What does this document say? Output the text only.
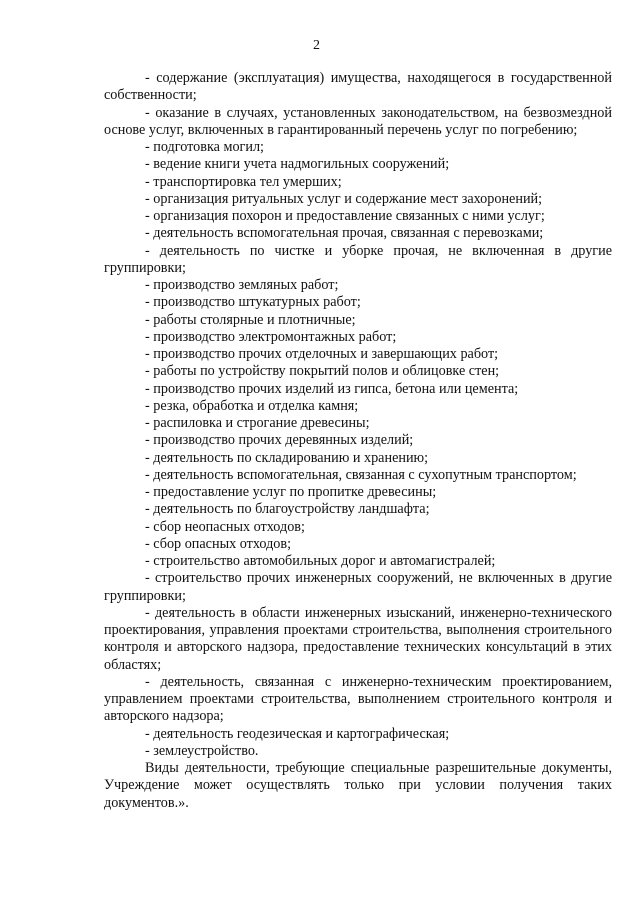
2

- содержание (эксплуатация) имущества, находящегося в государственной собственности;

- оказание в случаях, установленных законодательством, на безвозмездной основе услуг, включенных в гарантированный перечень услуг по погребению;

- подготовка могил;

- ведение книги учета надмогильных сооружений;

- транспортировка тел умерших;

- организация ритуальных услуг и содержание мест захоронений;

- организация похорон и предоставление связанных с ними услуг;

- деятельность вспомогательная прочая, связанная с перевозками;

- деятельность по чистке и уборке прочая, не включенная в другие группировки;

- производство земляных работ;

- производство штукатурных работ;

- работы столярные и плотничные;

- производство электромонтажных работ;

- производство прочих отделочных и завершающих работ;

- работы по устройству покрытий полов и облицовке стен;

- производство прочих изделий из гипса, бетона или цемента;

- резка, обработка и отделка камня;

- распиловка и строгание древесины;

- производство прочих деревянных изделий;

- деятельность по складированию и хранению;

- деятельность вспомогательная, связанная с сухопутным транспортом;

- предоставление услуг по пропитке древесины;

- деятельность по благоустройству ландшафта;

- сбор неопасных отходов;

- сбор опасных отходов;

- строительство автомобильных дорог и автомагистралей;

- строительство прочих инженерных сооружений, не включенных в другие группировки;

- деятельность в области инженерных изысканий, инженерно-технического проектирования, управления проектами строительства, выполнения строительного контроля и авторского надзора, предоставление технических консультаций в этих областях;

- деятельность, связанная с инженерно-техническим проектированием, управлением проектами строительства, выполнением строительного контроля и авторского надзора;

- деятельность геодезическая и картографическая;

- землеустройство.

Виды деятельности, требующие специальные разрешительные документы, Учреждение может осуществлять только при условии получения таких документов.».
